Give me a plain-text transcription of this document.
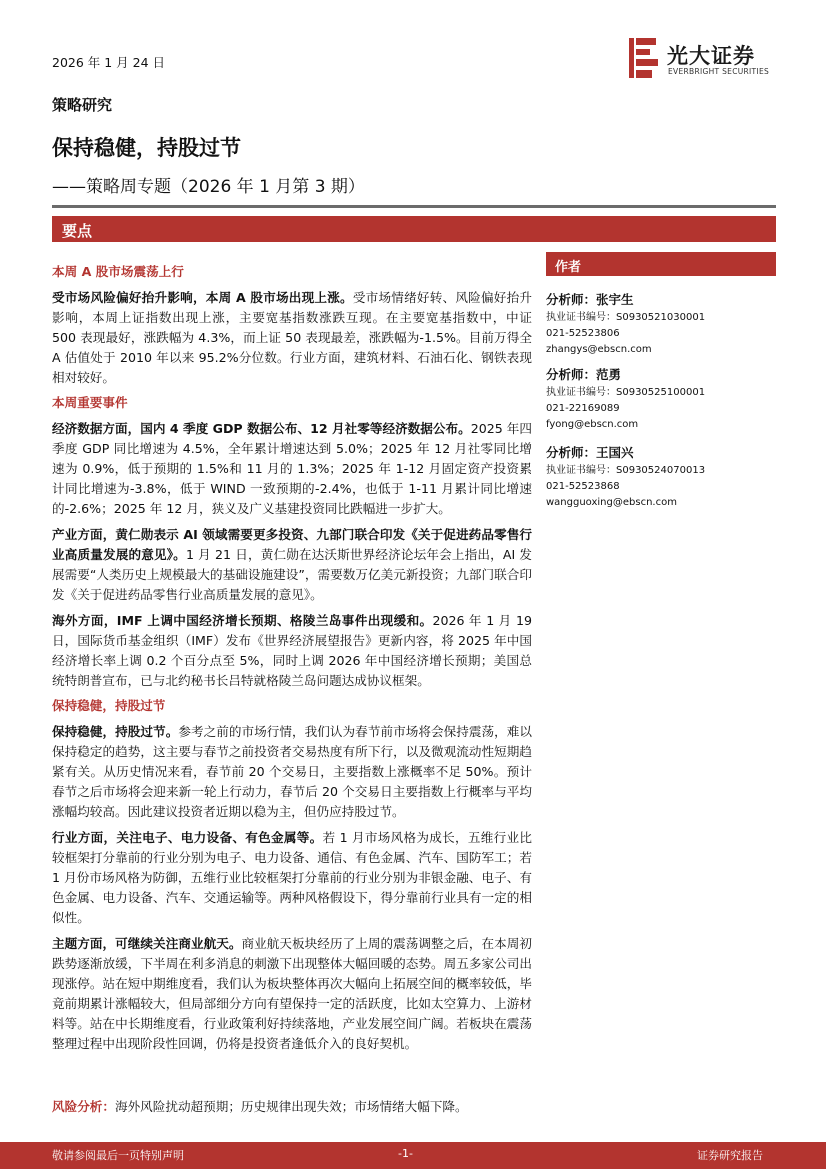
2026 年 1 月 24 日	光大证券
EVERBRIGHT SECURITIES
策略研究
保持稳健，持股过节
——策略周专题（2026 年 1 月第 3 期）
要点

本周 A 股市场震荡上行

受市场风险偏好抬升影响，本周 A 股市场出现上涨。受市场情绪好转、风险偏好抬升影响，本周上证指数出现上涨，主要宽基指数涨跌互现。在主要宽基指数中，中证 500 表现最好，涨跌幅为 4.3%，而上证 50 表现最差，涨跌幅为-1.5%。目前万得全 A 估值处于 2010 年以来 95.2%分位数。行业方面，建筑材料、石油石化、钢铁表现相对较好。

本周重要事件

经济数据方面，国内 4 季度 GDP 数据公布、12 月社零等经济数据公布。2025 年四季度 GDP 同比增速为 4.5%，全年累计增速达到 5.0%；2025 年 12 月社零同比增速为 0.9%，低于预期的 1.5%和 11 月的 1.3%；2025 年 1-12 月固定资产投资累计同比增速为-3.8%，低于 WIND 一致预期的-2.4%，也低于 1-11 月累计同比增速的-2.6%；2025 年 12 月，狭义及广义基建投资同比跌幅进一步扩大。

产业方面，黄仁勋表示 AI 领域需要更多投资、九部门联合印发《关于促进药品零售行业高质量发展的意见》。1 月 21 日，黄仁勋在达沃斯世界经济论坛年会上指出，AI 发展需要“人类历史上规模最大的基础设施建设”，需要数万亿美元新投资；九部门联合印发《关于促进药品零售行业高质量发展的意见》。

海外方面，IMF 上调中国经济增长预期、格陵兰岛事件出现缓和。2026 年 1 月 19 日，国际货币基金组织（IMF）发布《世界经济展望报告》更新内容，将 2025 年中国经济增长率上调 0.2 个百分点至 5%，同时上调 2026 年中国经济增长预期；美国总统特朗普宣布，已与北约秘书长吕特就格陵兰岛问题达成协议框架。

保持稳健，持股过节

保持稳健，持股过节。参考之前的市场行情，我们认为春节前市场将会保持震荡，难以保持稳定的趋势，这主要与春节之前投资者交易热度有所下行，以及微观流动性短期趋紧有关。从历史情况来看，春节前 20 个交易日，主要指数上涨概率不足 50%。预计春节之后市场将会迎来新一轮上行动力，春节后 20 个交易日主要指数上行概率与平均涨幅均较高。因此建议投资者近期以稳为主，但仍应持股过节。

行业方面，关注电子、电力设备、有色金属等。若 1 月市场风格为成长，五维行业比较框架打分靠前的行业分别为电子、电力设备、通信、有色金属、汽车、国防军工；若 1 月份市场风格为防御，五维行业比较框架打分靠前的行业分别为非银金融、电子、有色金属、电力设备、汽车、交通运输等。两种风格假设下，得分靠前行业具有一定的相似性。

主题方面，可继续关注商业航天。商业航天板块经历了上周的震荡调整之后，在本周初跌势逐渐放缓，下半周在利多消息的刺激下出现整体大幅回暖的态势。周五多家公司出现涨停。站在短中期维度看，我们认为板块整体再次大幅向上拓展空间的概率较低，毕竟前期累计涨幅较大，但局部细分方向有望保持一定的活跃度，比如太空算力、上游材料等。站在中长期维度看，行业政策利好持续落地，产业发展空间广阔。若板块在震荡整理过程中出现阶段性回调，仍将是投资者逢低介入的良好契机。

风险分析：海外风险扰动超预期；历史规律出现失效；市场情绪大幅下降。
作者
分析师：张宇生
执业证书编号：S0930521030001
021-52523806
zhangys@ebscn.com
分析师：范勇
执业证书编号：S0930525100001
021-22169089
fyong@ebscn.com
分析师：王国兴
执业证书编号：S0930524070013
021-52523868
wangguoxing@ebscn.com
敬请参阅最后一页特别声明	-1-	证券研究报告
